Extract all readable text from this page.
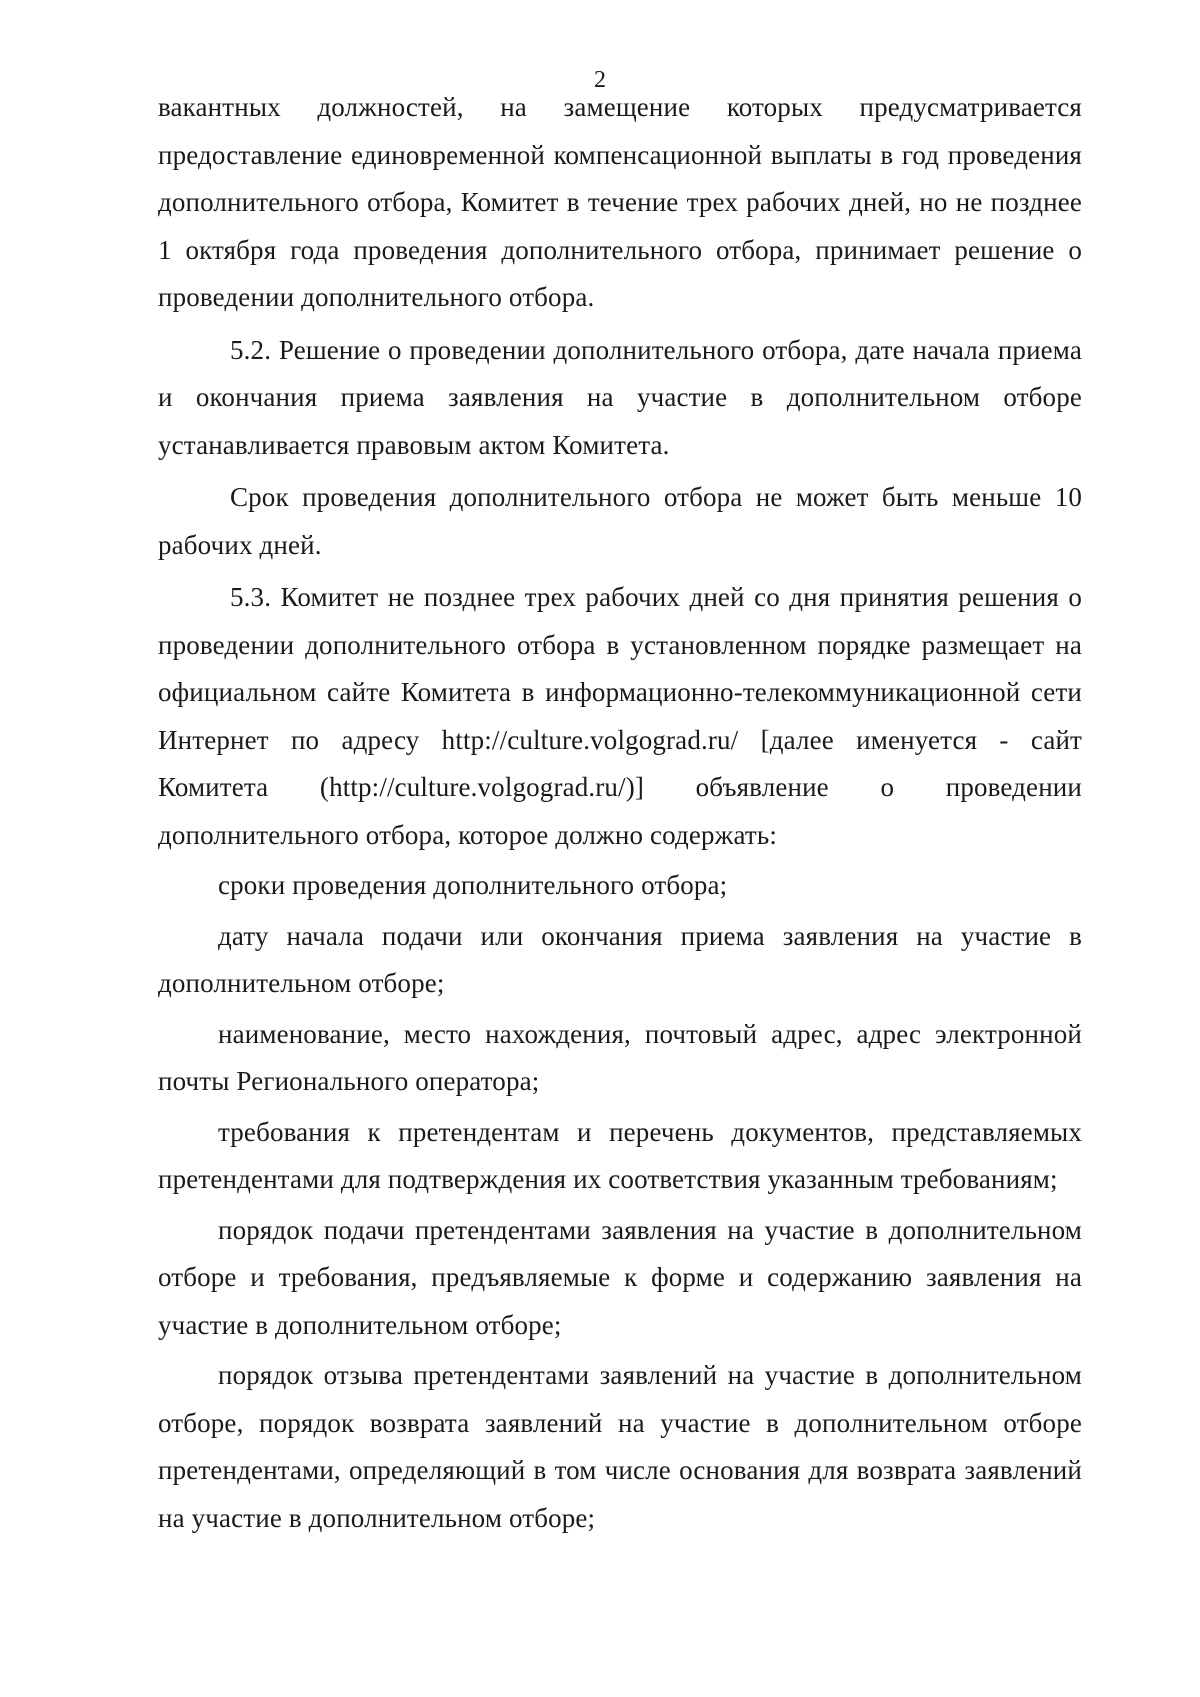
2

вакантных должностей, на замещение которых предусматривается предоставление единовременной компенсационной выплаты в год проведения дополнительного отбора, Комитет в течение трех рабочих дней, но не позднее 1 октября года проведения дополнительного отбора, принимает решение о проведении дополнительного отбора.

5.2. Решение о проведении дополнительного отбора, дате начала приема и окончания приема заявления на участие в дополнительном отборе устанавливается правовым актом Комитета.

Срок проведения дополнительного отбора не может быть меньше 10 рабочих дней.

5.3. Комитет не позднее трех рабочих дней со дня принятия решения о проведении дополнительного отбора в установленном порядке размещает на официальном сайте Комитета в информационно-телекоммуникационной сети Интернет по адресу http://culture.volgograd.ru/ [далее именуется - сайт Комитета (http://culture.volgograd.ru/)] объявление о проведении дополнительного отбора, которое должно содержать:

сроки проведения дополнительного отбора;

дату начала подачи или окончания приема заявления на участие в дополнительном отборе;

наименование, место нахождения, почтовый адрес, адрес электронной почты Регионального оператора;

требования к претендентам и перечень документов, представляемых претендентами для подтверждения их соответствия указанным требованиям;

порядок подачи претендентами заявления на участие в дополнительном отборе и требования, предъявляемые к форме и содержанию заявления на участие в дополнительном отборе;

порядок отзыва претендентами заявлений на участие в дополнительном отборе, порядок возврата заявлений на участие в дополнительном отборе претендентами, определяющий в том числе основания для возврата заявлений на участие в дополнительном отборе;
